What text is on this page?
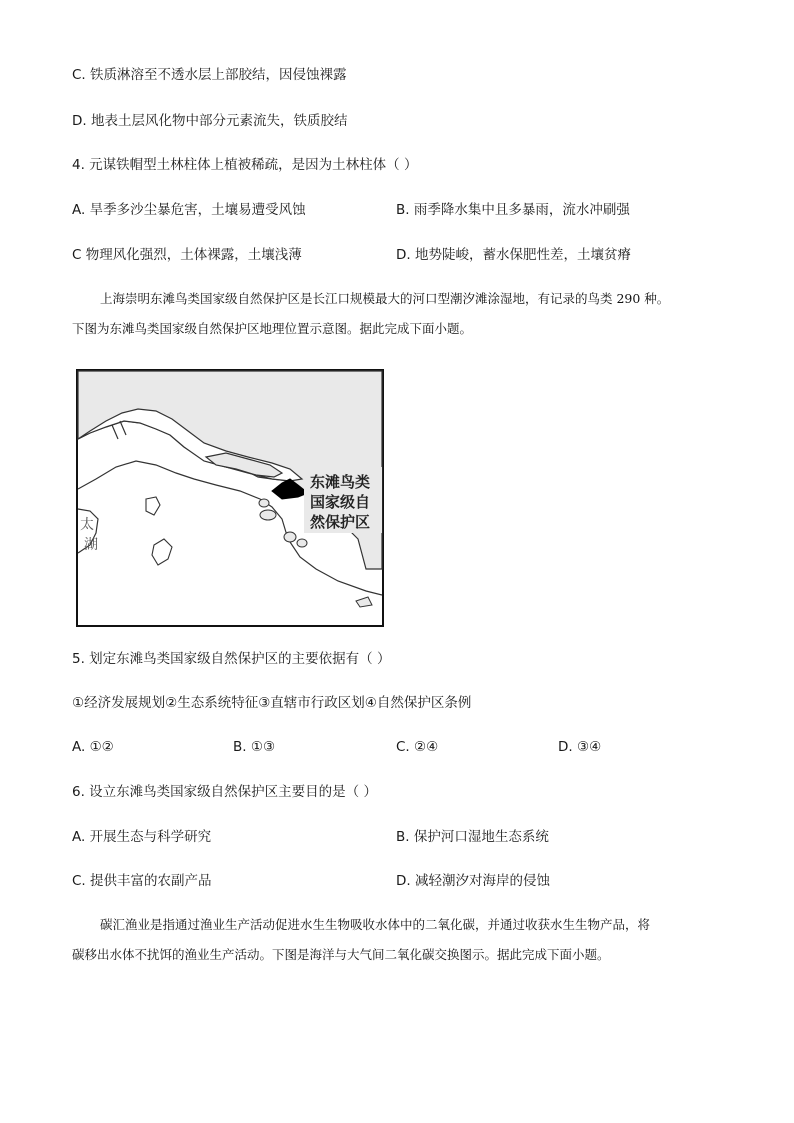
C. 铁质淋溶至不透水层上部胶结，因侵蚀裸露
D. 地表土层风化物中部分元素流失，铁质胶结
4. 元谋铁帽型土林柱体上植被稀疏，是因为土林柱体（ ）
A. 旱季多沙尘暴危害，土壤易遭受风蚀	B. 雨季降水集中且多暴雨，流水冲刷强
C 物理风化强烈，土体裸露，土壤浅薄	D. 地势陡峻，蓄水保肥性差，土壤贫瘠
上海崇明东滩鸟类国家级自然保护区是长江口规模最大的河口型潮汐滩涂湿地，有记录的鸟类 290 种。
下图为东滩鸟类国家级自然保护区地理位置示意图。据此完成下面小题。
太
湖
东滩鸟类
国家级自
然保护区
5. 划定东滩鸟类国家级自然保护区的主要依据有（ ）
①经济发展规划②生态系统特征③直辖市行政区划④自然保护区条例
A. ①②	B. ①③	C. ②④	D. ③④
6. 设立东滩鸟类国家级自然保护区主要目的是（ ）
A. 开展生态与科学研究	B. 保护河口湿地生态系统
C. 提供丰富的农副产品	D. 减轻潮汐对海岸的侵蚀
碳汇渔业是指通过渔业生产活动促进水生生物吸收水体中的二氧化碳，并通过收获水生生物产品，将
碳移出水体不扰饵的渔业生产活动。下图是海洋与大气间二氧化碳交换图示。据此完成下面小题。
